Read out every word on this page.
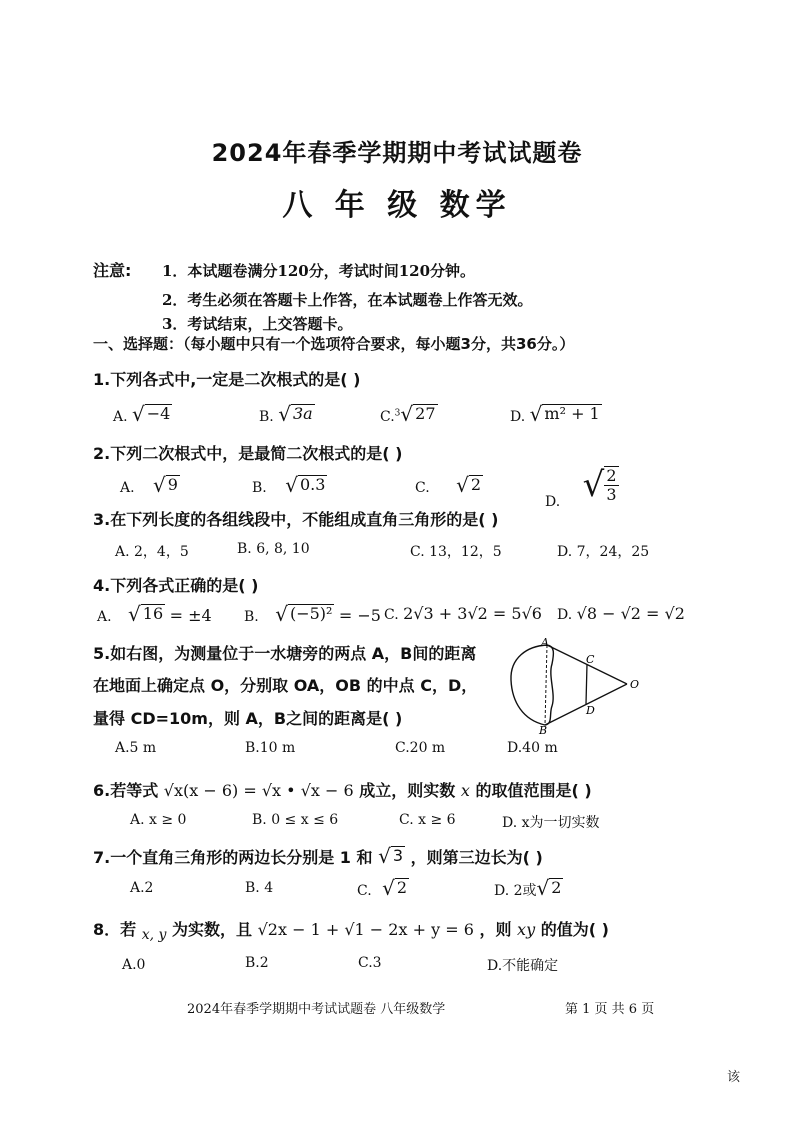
2024年春季学期期中考试试题卷
八 年 级 数学
注意: 1．本试题卷满分120分，考试时间120分钟。
2．考生必须在答题卡上作答，在本试题卷上作答无效。
3．考试结束，上交答题卡。
一、选择题：（每小题中只有一个选项符合要求，每小题3分，共36分。）
1.下列各式中,一定是二次根式的是( )
A. √ −4	B. √ 3a	C.$^3$ √ 27	D. √ m² + 1
2.下列二次根式中，是最简二次根式的是( )
A. √ 9	B. √ 0.3	C. √ 2
D. √ $\frac{2}{3}$
3.在下列长度的各组线段中，不能组成直角三角形的是( )
A. 2，4，5	B. 6, 8, 10	C. 13，12，5	D. 7，24，25
4.下列各式正确的是( )
A. √ 16 = ±4 B. √ (−5)² = −5 C. 2√3 + 3√2 = 5√6 D. √8 − √2 = √2
5.如右图，为测量位于一水塘旁的两点 A，B间的距离
在地面上确定点 O，分别取 OA，OB 的中点 C，D，
量得 CD=10m，则 A，B之间的距离是( )
A.5 m	B.10 m	C.20 m	D.40 m
A
B
C
D
O
6.若等式 √x(x − 6) = √x • √x − 6 成立，则实数 x 的取值范围是( )
A. x ≥ 0	B. 0 ≤ x ≤ 6	C. x ≥ 6	D. x为一切实数
7.一个直角三角形的两边长分别是 1 和 √ 3 ，则第三边长为( )
A.2	B. 4	C. √ 2	D. 2或 √ 2
8．若 x, y 为实数，且 √2x − 1 + √1 − 2x + y = 6 ，则 xy 的值为( )
A.0	B.2	C.3	D.不能确定
2024年春季学期期中考试试题卷 八年级数学	第 1 页 共 6 页
该
